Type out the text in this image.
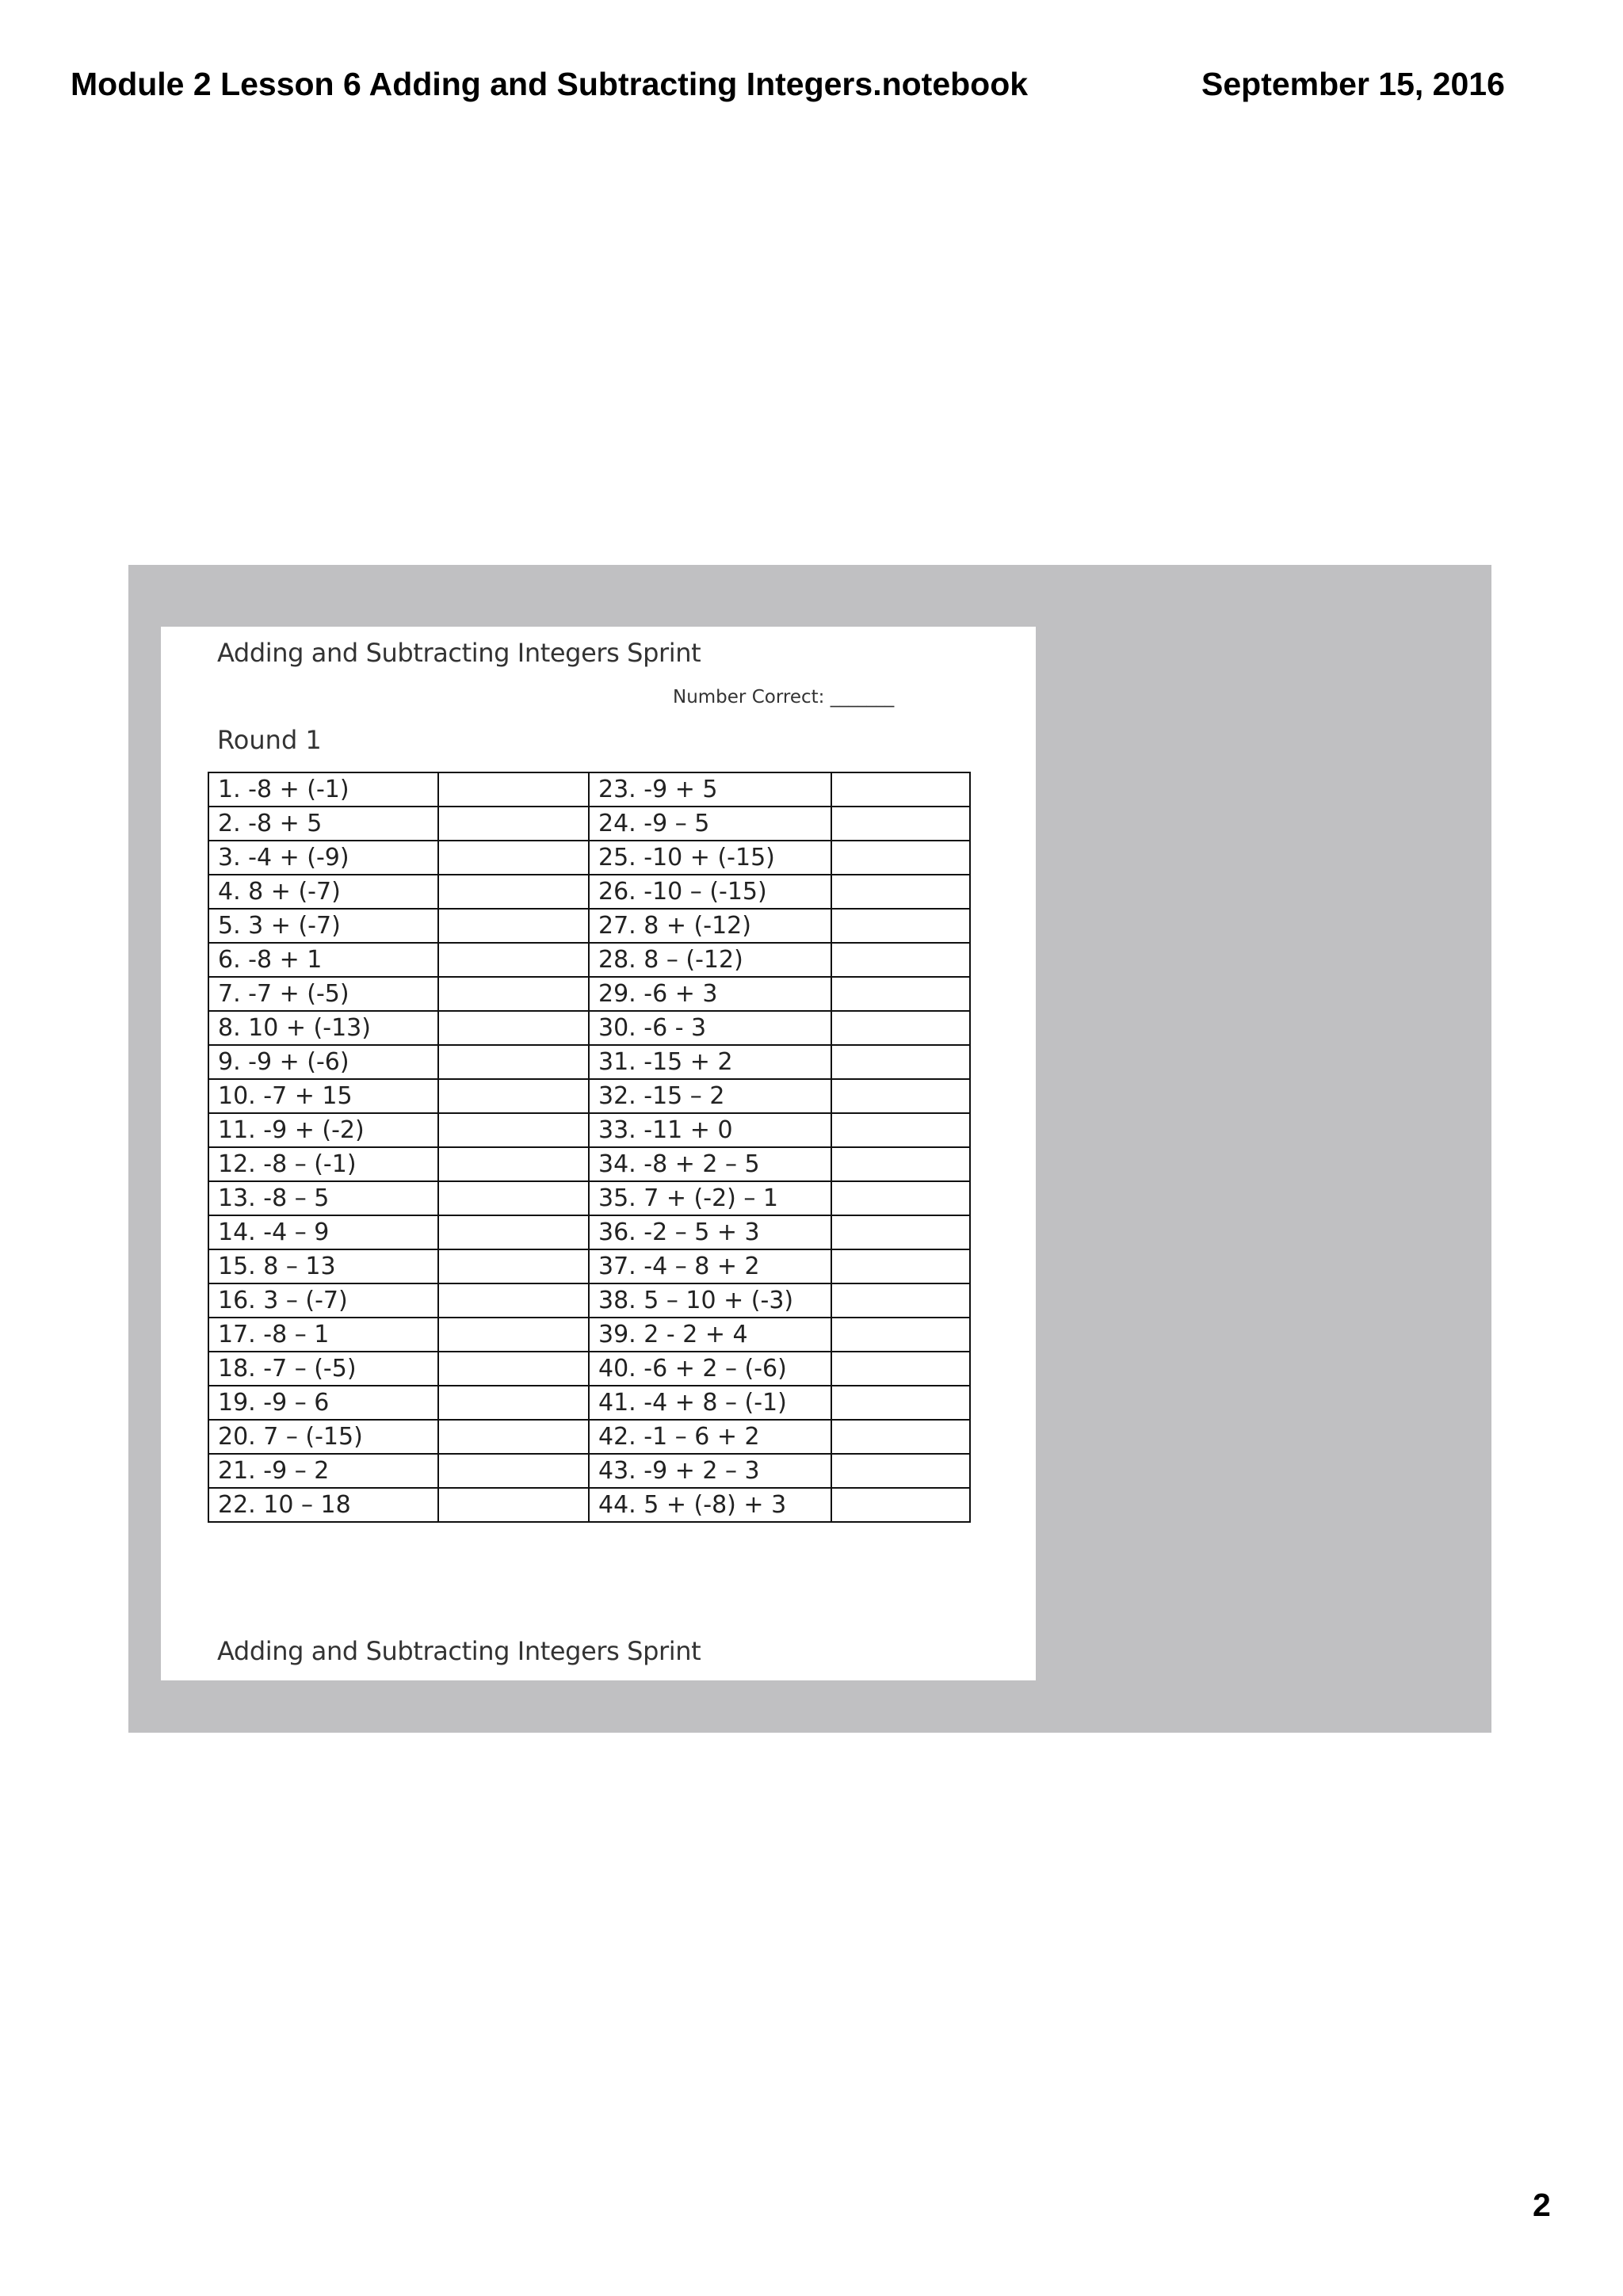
Module 2 Lesson 6 Adding and Subtracting Integers.notebook	September 15, 2016
Adding and Subtracting Integers Sprint
Number Correct: _______
Round 1
1. -8 + (-1)		23. -9 + 5	
2. -8 + 5		24. -9 – 5	
3. -4 + (-9)		25. -10 + (-15)	
4. 8 + (-7)		26. -10 – (-15)	
5. 3 + (-7)		27. 8 + (-12)	
6. -8 + 1		28. 8 – (-12)	
7. -7 + (-5)		29. -6 + 3	
8. 10 + (-13)		30. -6 - 3	
9. -9 + (-6)		31. -15 + 2	
10. -7 + 15		32. -15 – 2	
11. -9 + (-2)		33. -11 + 0	
12. -8 – (-1)		34. -8 + 2 – 5	
13. -8 – 5		35. 7 + (-2) – 1	
14. -4 – 9		36. -2 – 5 + 3	
15. 8 – 13		37. -4 – 8 + 2	
16. 3 – (-7)		38. 5 – 10 + (-3)	
17. -8 – 1		39. 2 - 2 + 4	
18. -7 – (-5)		40. -6 + 2 – (-6)	
19. -9 – 6		41. -4 + 8 – (-1)	
20. 7 – (-15)		42. -1 – 6 + 2	
21. -9 – 2		43. -9 + 2 – 3	
22. 10 – 18		44. 5 + (-8) + 3	
Adding and Subtracting Integers Sprint
2
